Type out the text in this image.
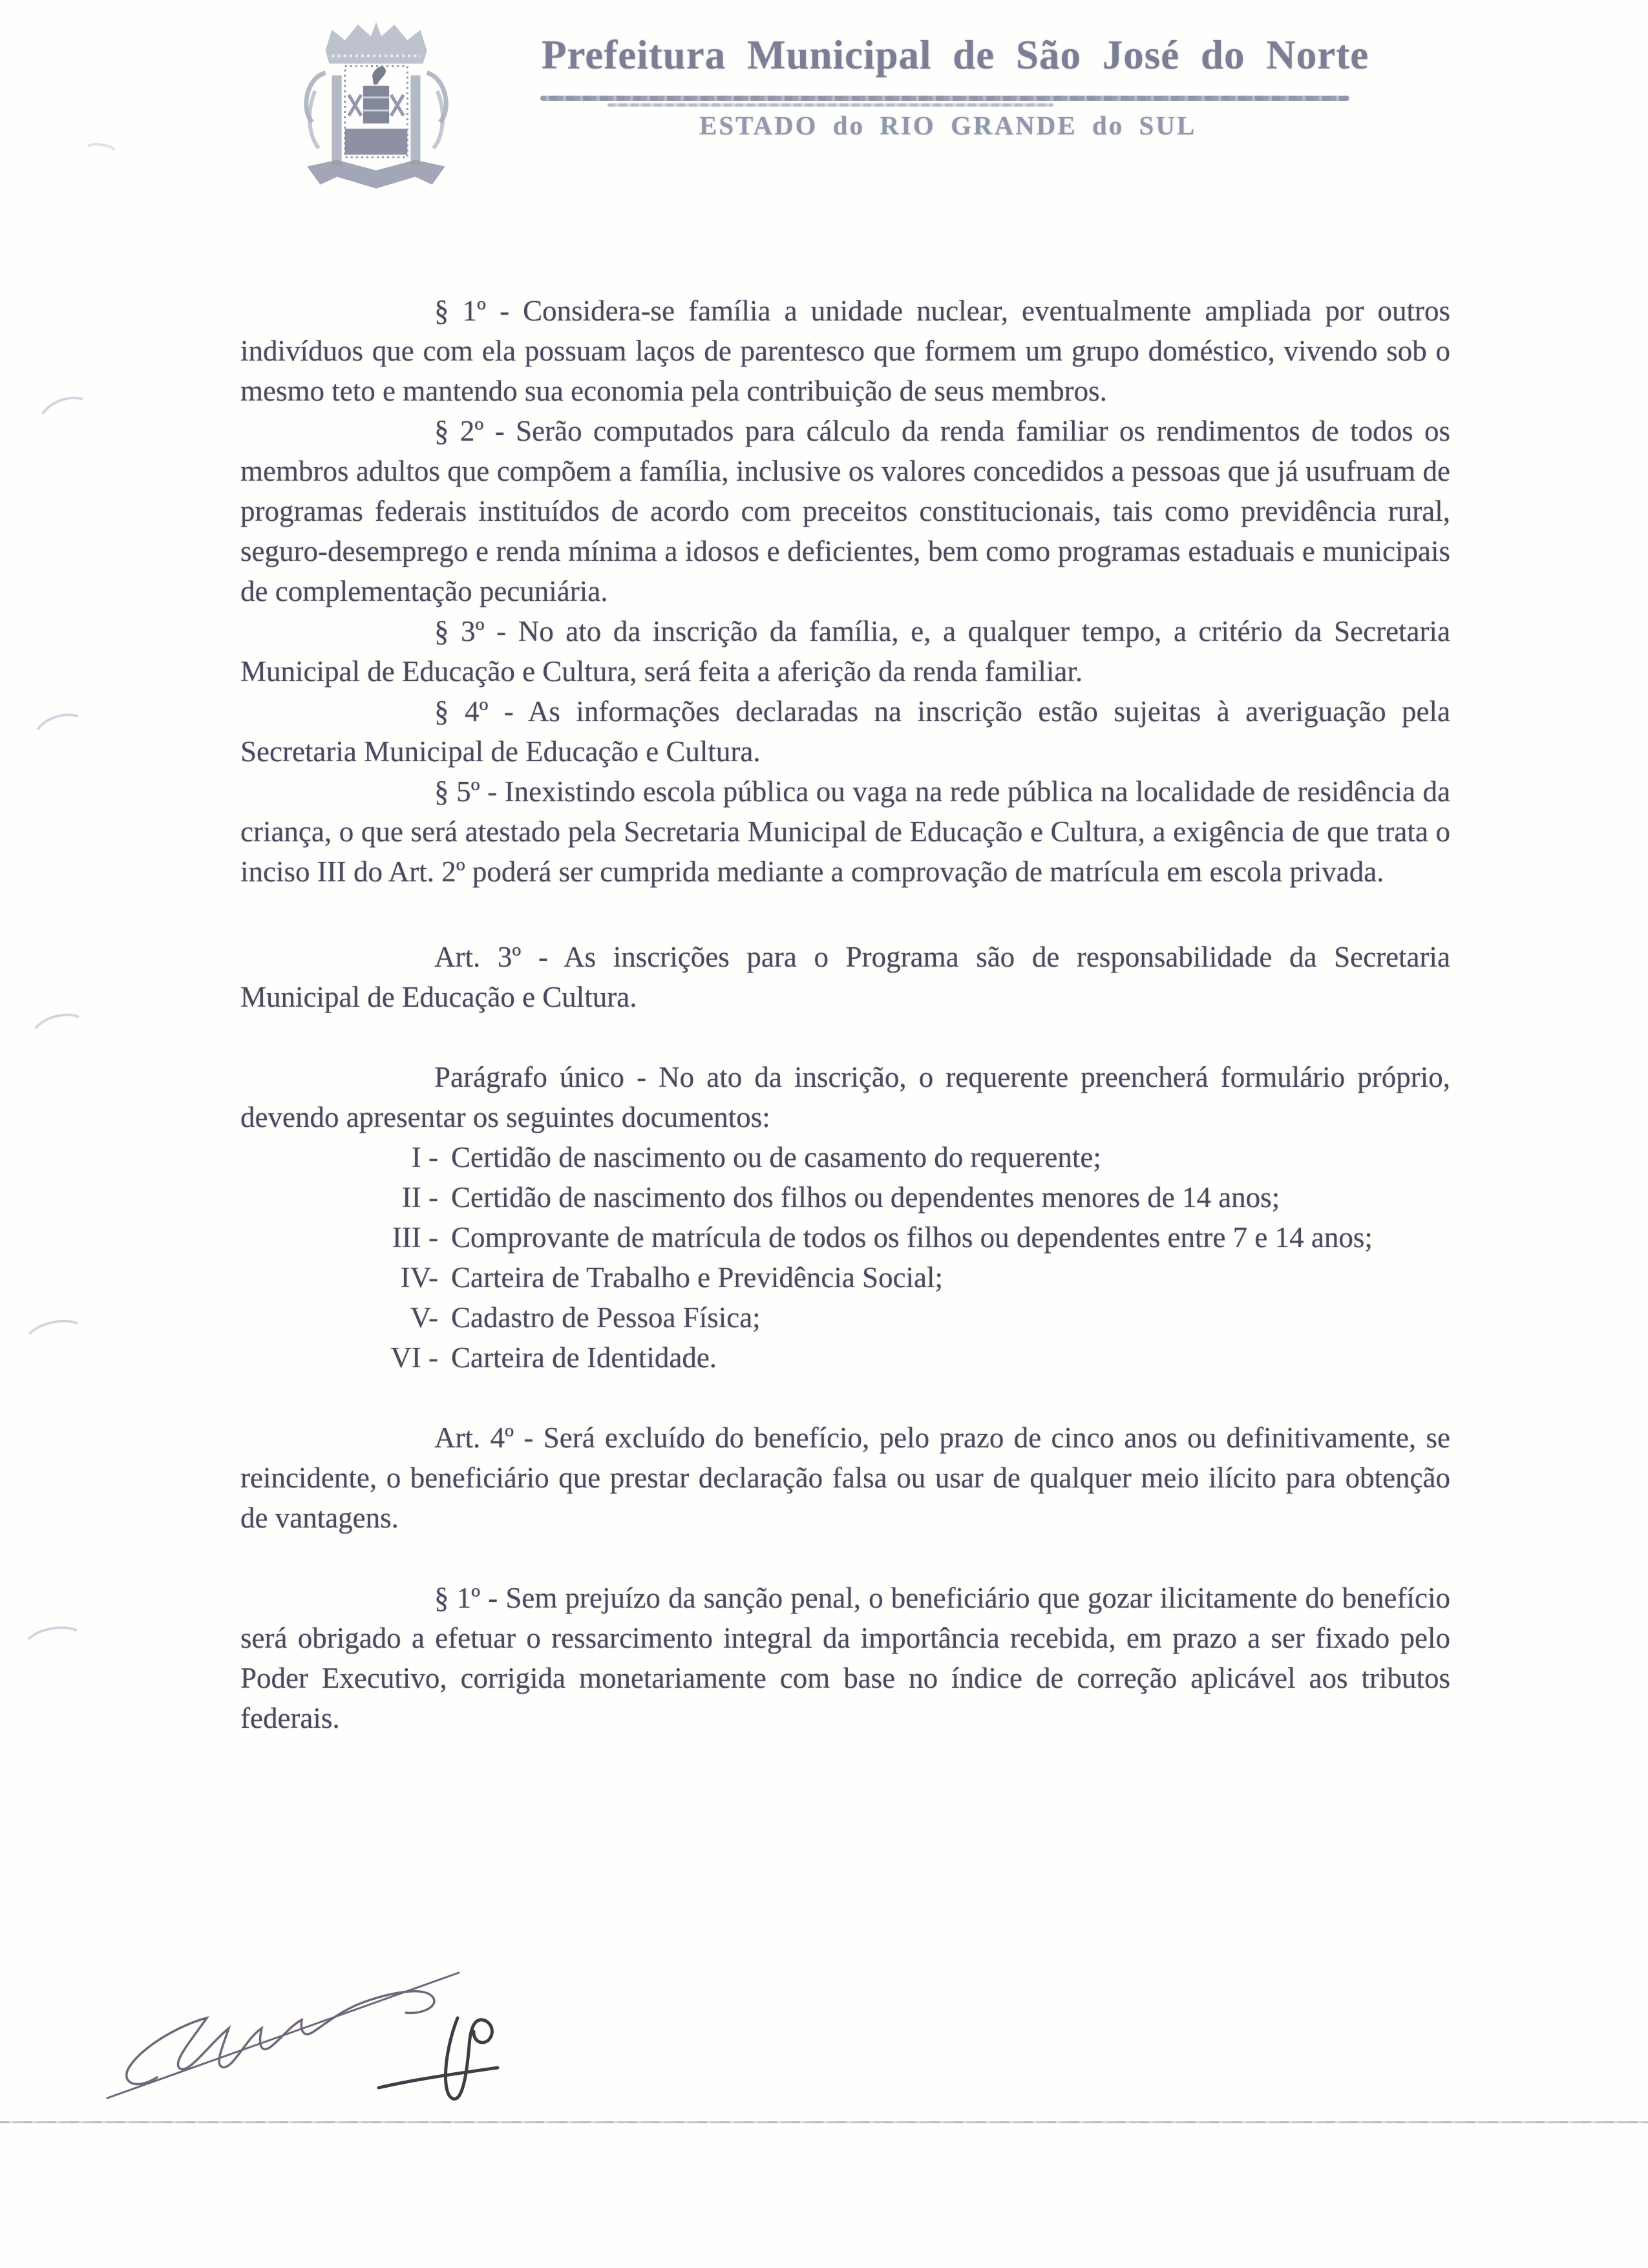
Prefeitura Municipal de São José do Norte
ESTADO do RIO GRANDE do SUL

§ 1º - Considera-se família a unidade nuclear, eventualmente ampliada por outros indivíduos que com ela possuam laços de parentesco que formem um grupo doméstico, vivendo sob o mesmo teto e mantendo sua economia pela contribuição de seus membros.

§ 2º - Serão computados para cálculo da renda familiar os rendimentos de todos os membros adultos que compõem a família, inclusive os valores concedidos a pessoas que já usufruam de programas federais instituídos de acordo com preceitos constitucionais, tais como previdência rural, seguro-desemprego e renda mínima a idosos e deficientes, bem como programas estaduais e municipais de complementação pecuniária.

§ 3º - No ato da inscrição da família, e, a qualquer tempo, a critério da Secretaria Municipal de Educação e Cultura, será feita a aferição da renda familiar.

§ 4º - As informações declaradas na inscrição estão sujeitas à averiguação pela Secretaria Municipal de Educação e Cultura.

§ 5º - Inexistindo escola pública ou vaga na rede pública na localidade de residência da criança, o que será atestado pela Secretaria Municipal de Educação e Cultura, a exigência de que trata o inciso III do Art. 2º poderá ser cumprida mediante a comprovação de matrícula em escola privada.

Art. 3º - As inscrições para o Programa são de responsabilidade da Secretaria Municipal de Educação e Cultura.

Parágrafo único - No ato da inscrição, o requerente preencherá formulário próprio, devendo apresentar os seguintes documentos:

I - Certidão de nascimento ou de casamento do requerente;
II - Certidão de nascimento dos filhos ou dependentes menores de 14 anos;
III - Comprovante de matrícula de todos os filhos ou dependentes entre 7 e 14 anos;
IV- Carteira de Trabalho e Previdência Social;
V- Cadastro de Pessoa Física;
VI - Carteira de Identidade.

Art. 4º - Será excluído do benefício, pelo prazo de cinco anos ou definitivamente, se reincidente, o beneficiário que prestar declaração falsa ou usar de qualquer meio ilícito para obtenção de vantagens.

§ 1º - Sem prejuízo da sanção penal, o beneficiário que gozar ilicitamente do benefício será obrigado a efetuar o ressarcimento integral da importância recebida, em prazo a ser fixado pelo Poder Executivo, corrigida monetariamente com base no índice de correção aplicável aos tributos federais.
